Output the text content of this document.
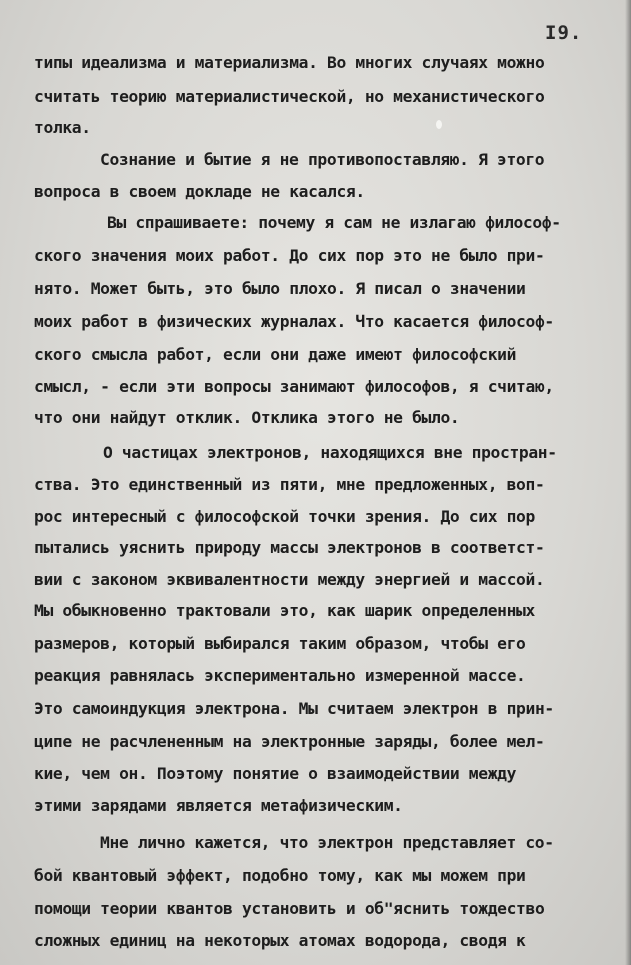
I9.
типы идеализма и материализма. Во многих случаях можно
считать теорию материалистической, но механистического
толка.
Сознание и бытие я не противопоставляю. Я этого
вопроса в своем докладе не касался.
Вы спрашиваете: почему я сам не излагаю философ-
ского значения моих работ. До сих пор это не было при-
нято. Может быть, это было плохо. Я писал о значении
моих работ в физических журналах. Что касается философ-
ского смысла работ, если они даже имеют философский
смысл, - если эти вопросы занимают философов, я считаю,
что они найдут отклик. Отклика этого не было.
О частицах электронов, находящихся вне простран-
ства. Это единственный из пяти, мне предложенных, воп-
рос интересный с философской точки зрения. До сих пор
пытались уяснить природу массы электронов в соответст-
вии с законом эквивалентности между энергией и массой.
Мы обыкновенно трактовали это, как шарик определенных
размеров, который выбирался таким образом, чтобы его
реакция равнялась экспериментально измеренной массе.
Это самоиндукция электрона. Мы считаем электрон в прин-
ципе не расчлененным на электронные заряды, более мел-
кие, чем он. Поэтому понятие о взаимодействии между
этими зарядами является метафизическим.
Мне лично кажется, что электрон представляет со-
бой квантовый эффект, подобно тому, как мы можем при
помощи теории квантов установить и об"яснить тождество
сложных единиц на некоторых атомах водорода, сводя к
